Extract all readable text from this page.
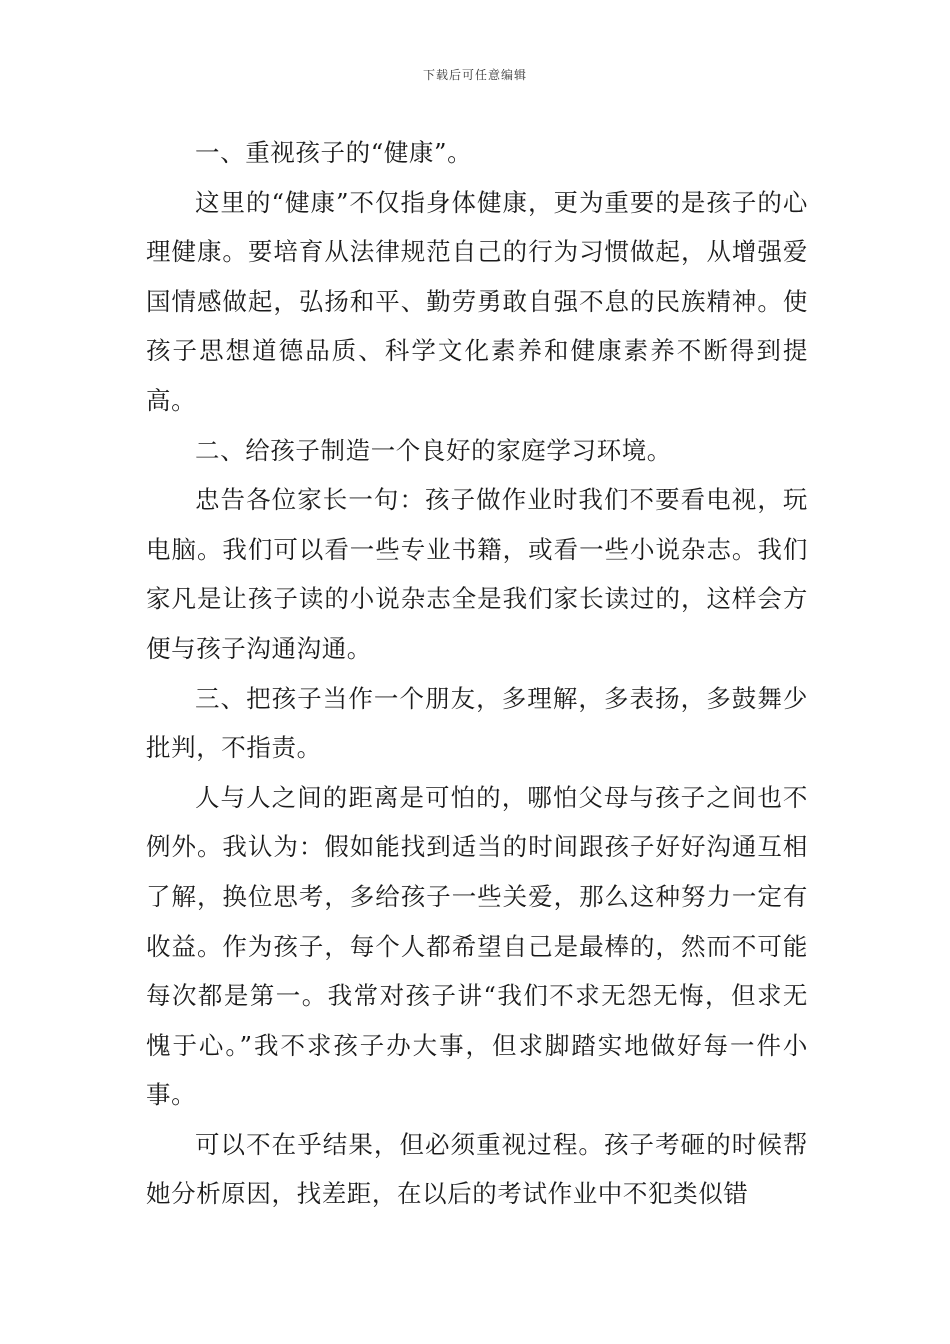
下载后可任意编辑

一、重视孩子的“健康”。

这里的“健康”不仅指身体健康，更为重要的是孩子的心理健康。要培育从法律规范自己的行为习惯做起，从增强爱国情感做起，弘扬和平、勤劳勇敢自强不息的民族精神。使孩子思想道德品质、科学文化素养和健康素养不断得到提高。

二、给孩子制造一个良好的家庭学习环境。

忠告各位家长一句：孩子做作业时我们不要看电视，玩电脑。我们可以看一些专业书籍，或看一些小说杂志。我们家凡是让孩子读的小说杂志全是我们家长读过的，这样会方便与孩子沟通沟通。

三、把孩子当作一个朋友，多理解，多表扬，多鼓舞少批判，不指责。

人与人之间的距离是可怕的，哪怕父母与孩子之间也不例外。我认为：假如能找到适当的时间跟孩子好好沟通互相了解，换位思考，多给孩子一些关爱，那么这种努力一定有收益。作为孩子，每个人都希望自己是最棒的，然而不可能每次都是第一。我常对孩子讲“我们不求无怨无悔，但求无愧于心。”我不求孩子办大事，但求脚踏实地做好每一件小事。

可以不在乎结果，但必须重视过程。孩子考砸的时候帮她分析原因，找差距，在以后的考试作业中不犯类似错
